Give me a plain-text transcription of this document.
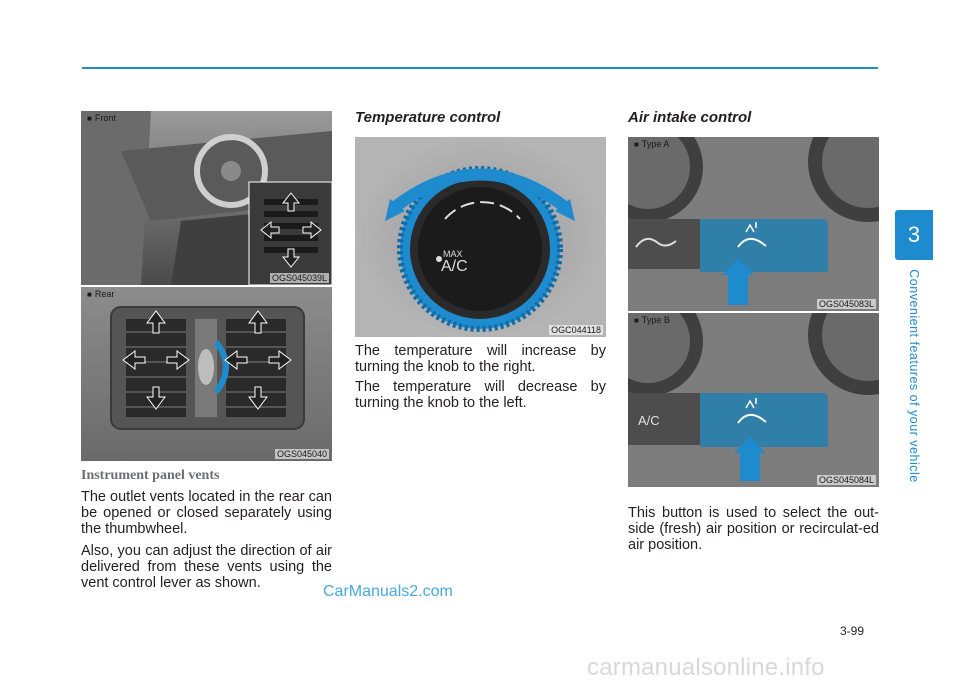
■ Front
OGS045039L
■ Rear
OGS045040
Instrument panel vents

The outlet vents located in the rear can be opened or closed separately using the thumbwheel.

Also, you can adjust the direction of air delivered from these vents using the vent control lever as shown.

Temperature control
MAX
A/C
OGC044118

The temperature will increase by turning the knob to the right.

The temperature will decrease by turning the knob to the left.

Air intake control
■ Type A
OGS045083L
A/C
■ Type B
OGS045084L

This button is used to select the out-side (fresh) air position or recirculat-ed air position.

3
Convenient features of your vehicle
CarManuals2.com
3-99
carmanualsonline.info
